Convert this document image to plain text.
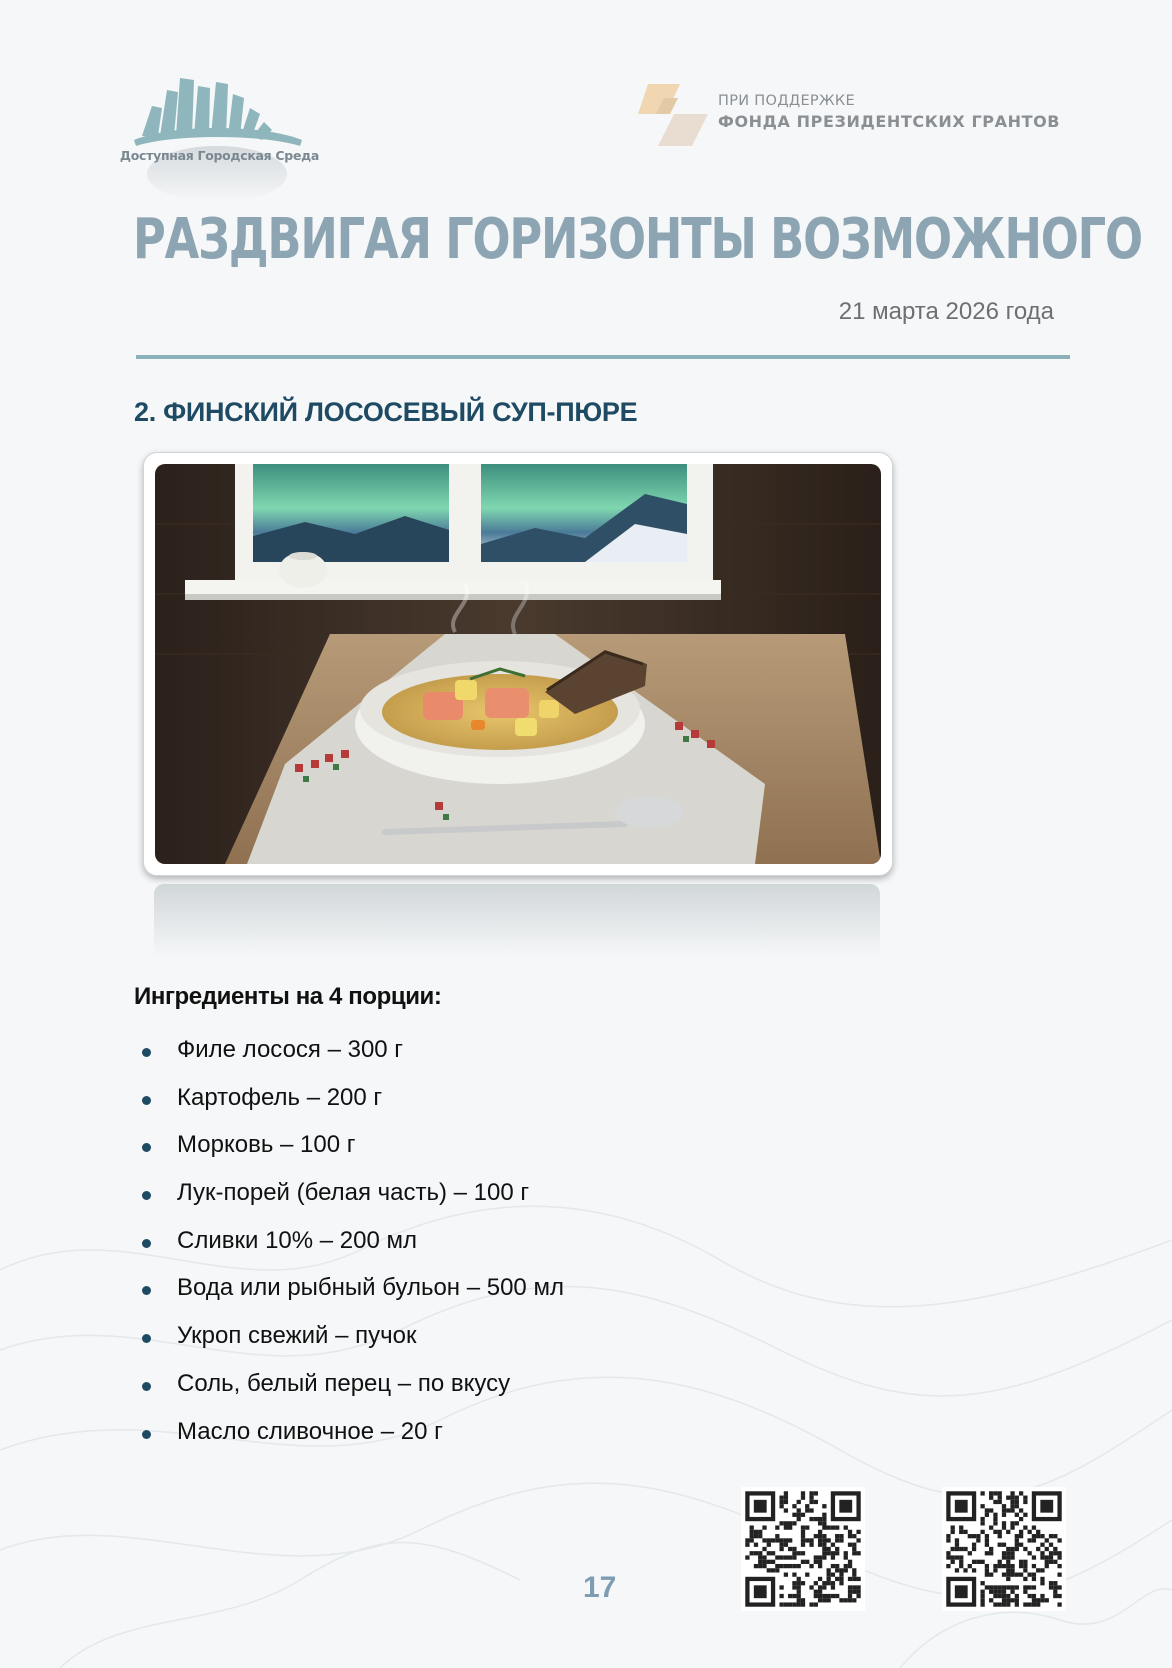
Доступная Городская Среда
ПРИ ПОДДЕРЖКЕ
ФОНДА ПРЕЗИДЕНТСКИХ ГРАНТОВ
РАЗДВИГАЯ ГОРИЗОНТЫ ВОЗМОЖНОГО
21 марта 2026 года
2. ФИНСКИЙ ЛОСОСЕВЫЙ СУП-ПЮРЕ
Ингредиенты на 4 порции:
Филе лосося – 300 г
Картофель – 200 г
Морковь – 100 г
Лук-порей (белая часть) – 100 г
Сливки 10% – 200 мл
Вода или рыбный бульон – 500 мл
Укроп свежий – пучок
Соль, белый перец – по вкусу
Масло сливочное – 20 г
17
